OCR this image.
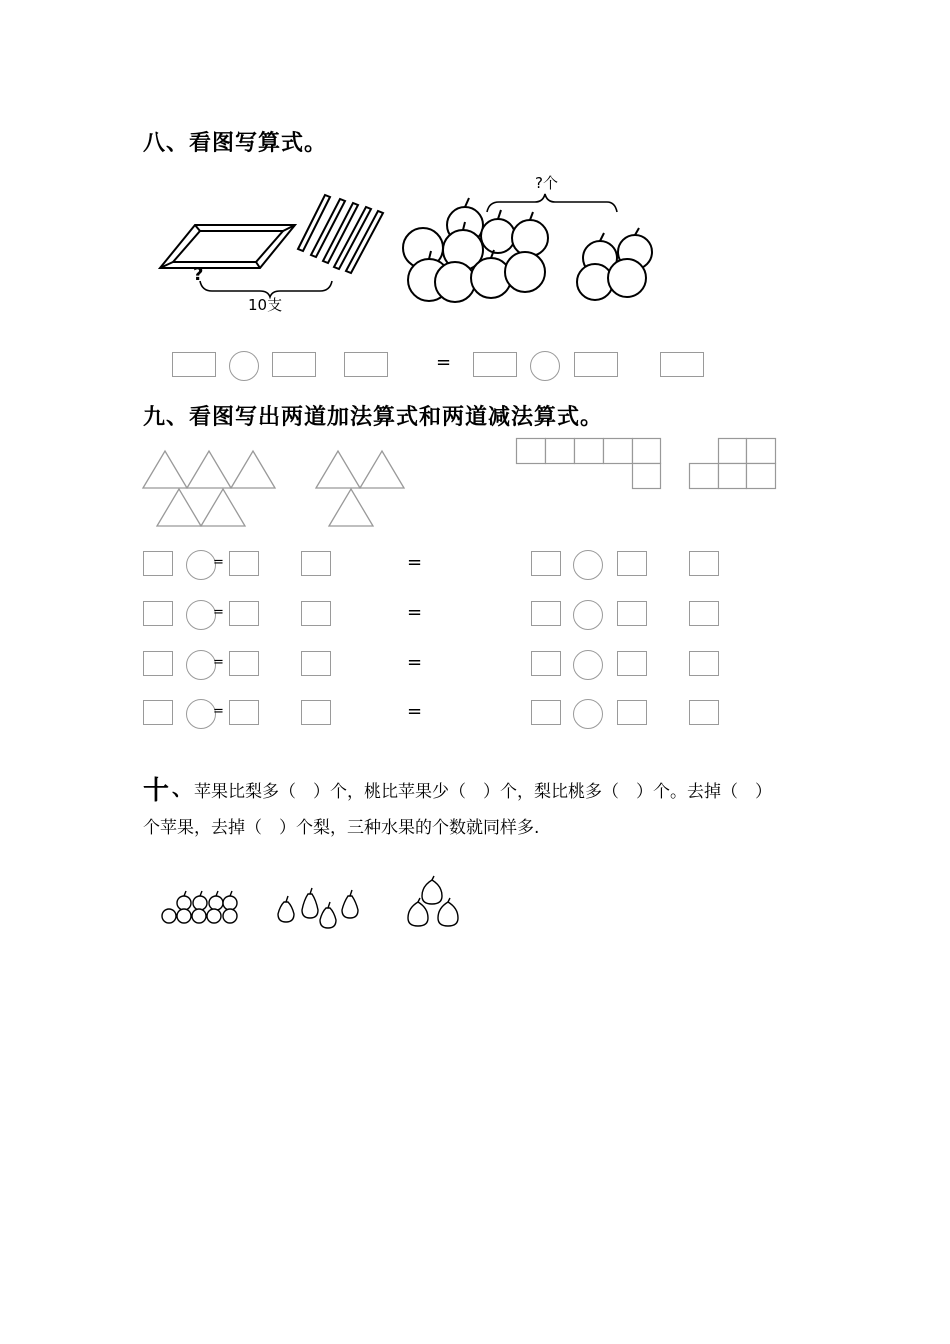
八、看图写算式。
?
10支
?个
=
九、看图写出两道加法算式和两道减法算式。
=	=
=	=
=	=
=	=
十 、 苹果比梨多（　）个，桃比苹果少（　）个，梨比桃多（　）个。去掉（　）
个苹果，去掉（　）个梨，三种水果的个数就同样多.
